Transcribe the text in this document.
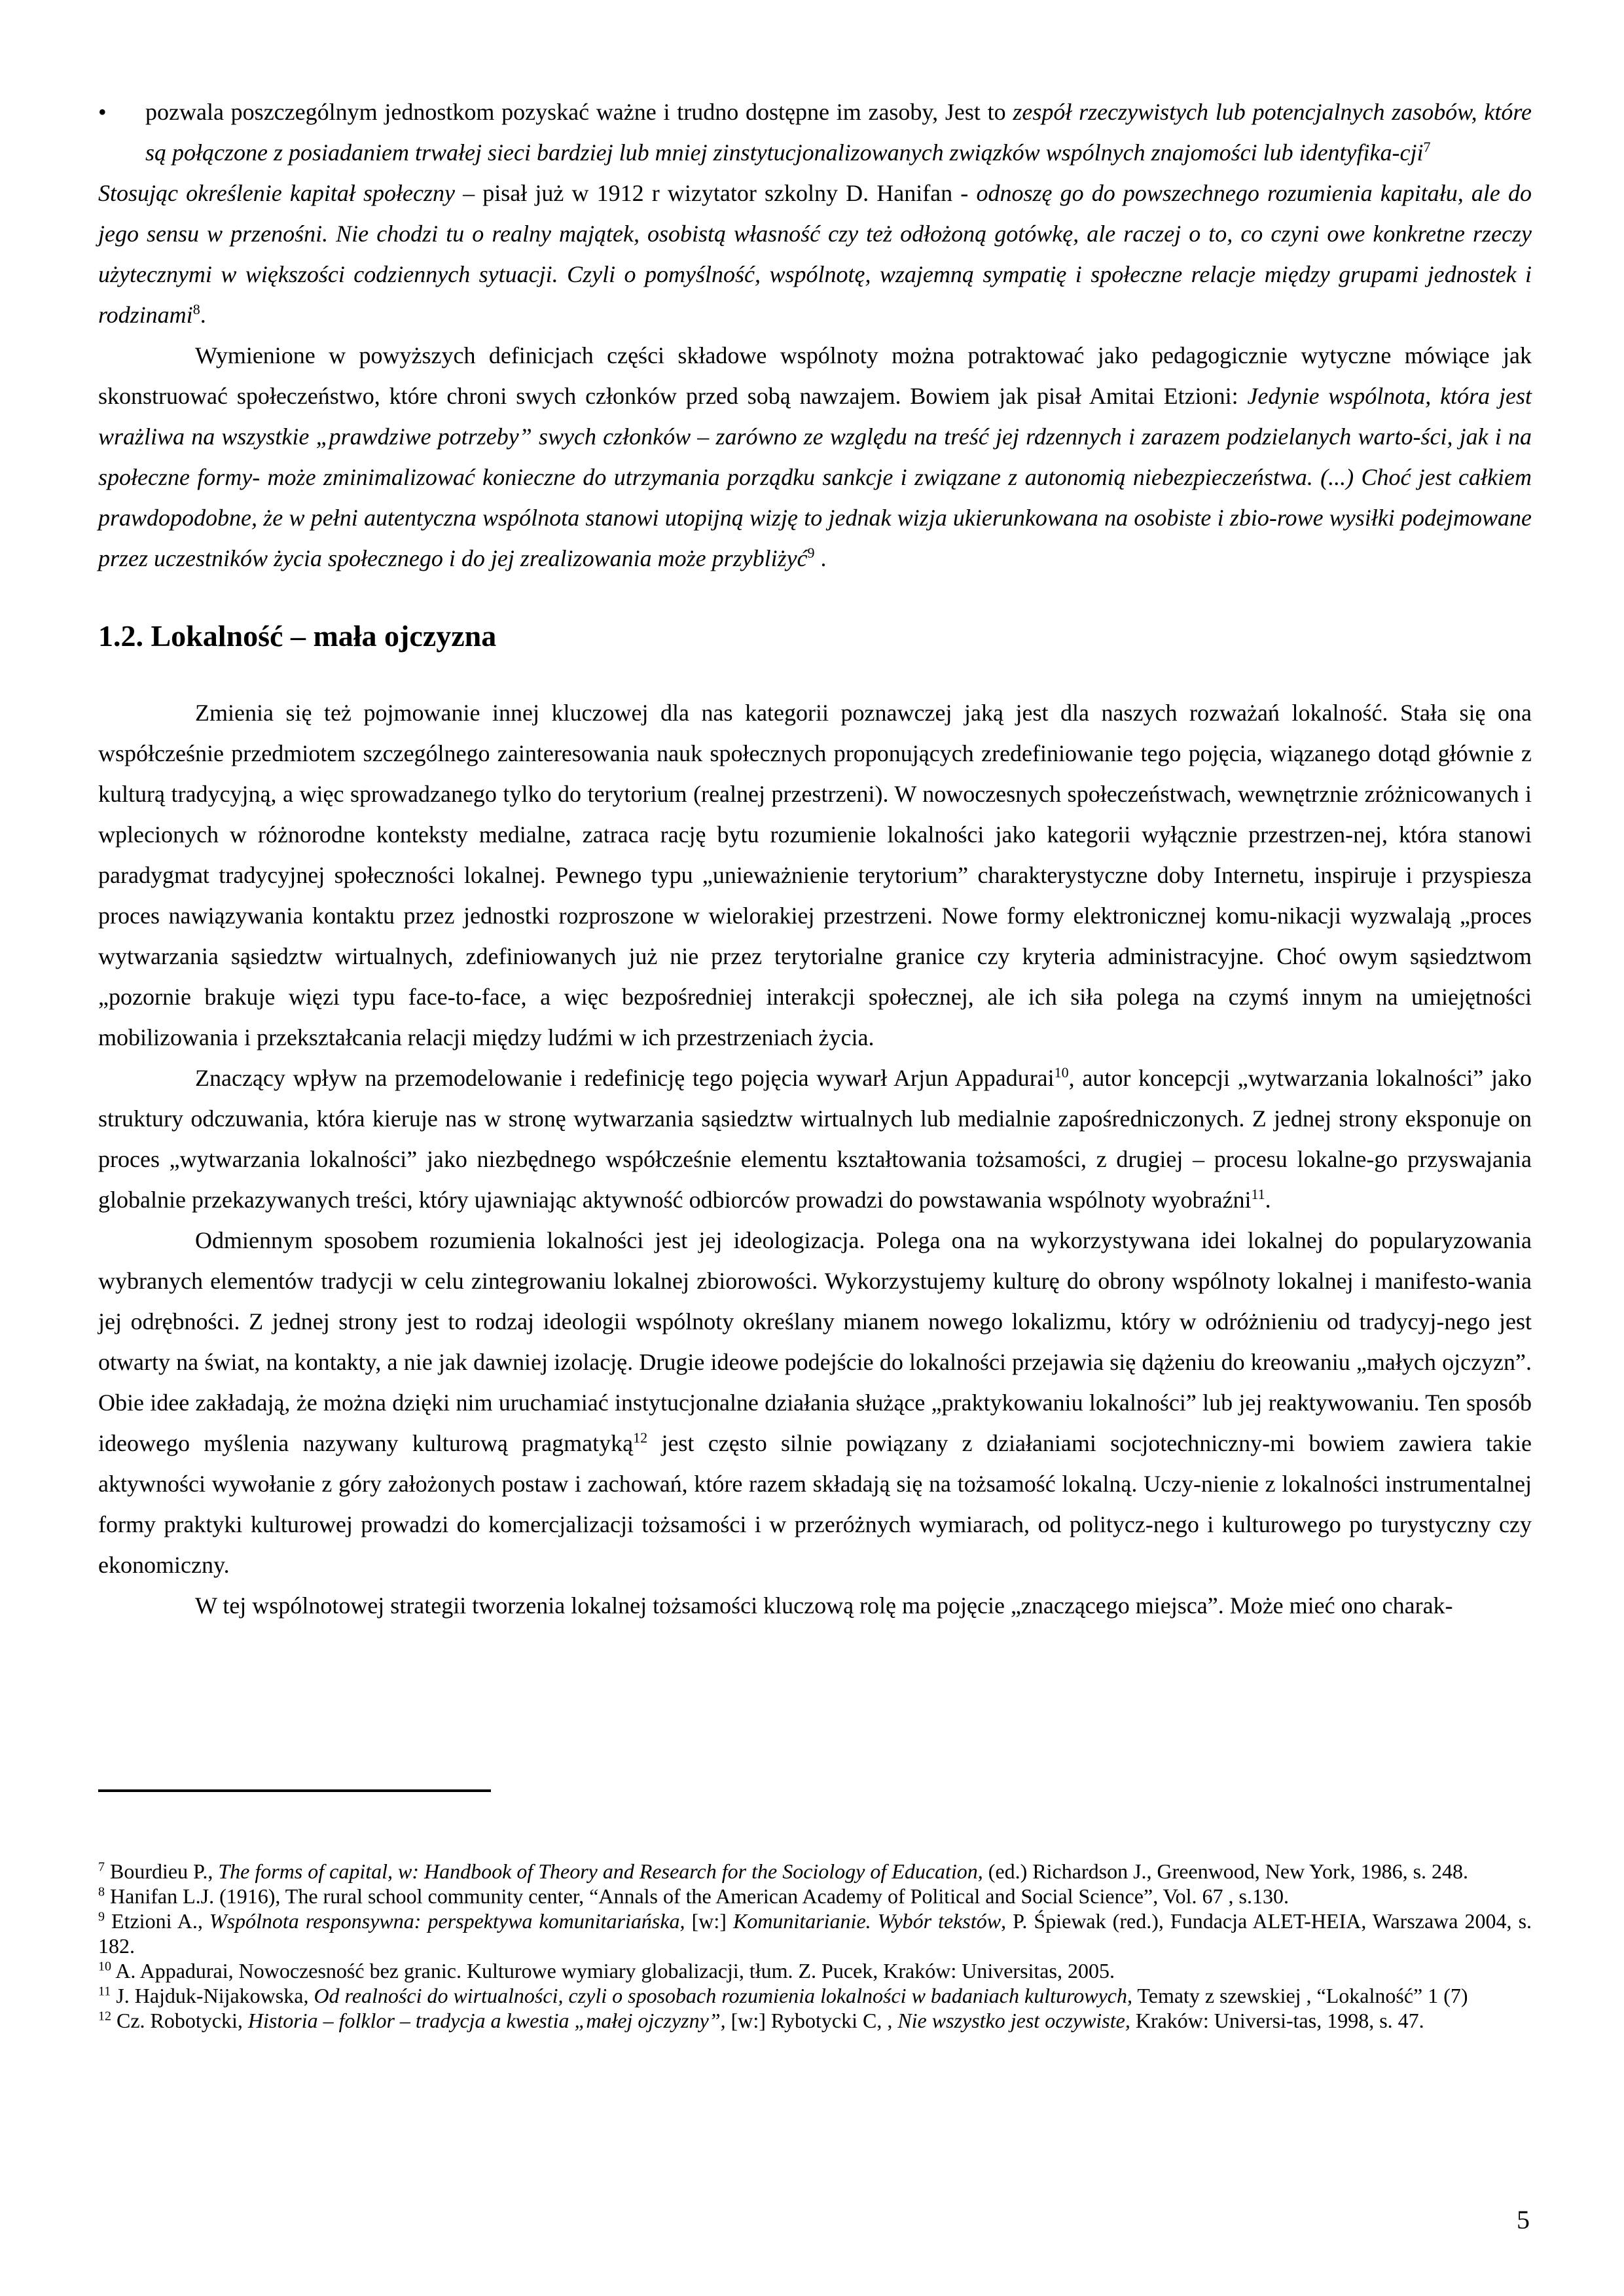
• pozwala poszczególnym jednostkom pozyskać ważne i trudno dostępne im zasoby, Jest to zespół rzeczywistych lub potencjalnych zasobów, które są połączone z posiadaniem trwałej sieci bardziej lub mniej zinstytucjonalizowanych związków wspólnych znajomości lub identyfika-cji$^7$

Stosując określenie kapitał społeczny – pisał już w 1912 r wizytator szkolny D. Hanifan - odnoszę go do powszechnego rozumienia kapitału, ale do jego sensu w przenośni. Nie chodzi tu o realny majątek, osobistą własność czy też odłożoną gotówkę, ale raczej o to, co czyni owe konkretne rzeczy użytecznymi w większości codziennych sytuacji. Czyli o pomyślność, wspólnotę, wzajemną sympatię i społeczne relacje między grupami jednostek i rodzinami$^8$.

Wymienione w powyższych definicjach części składowe wspólnoty można potraktować jako pedagogicznie wytyczne mówiące jak skonstruować społeczeństwo, które chroni swych członków przed sobą nawzajem. Bowiem jak pisał Amitai Etzioni: Jedynie wspólnota, która jest wrażliwa na wszystkie „prawdziwe potrzeby” swych członków – zarówno ze względu na treść jej rdzennych i zarazem podzielanych warto-ści, jak i na społeczne formy- może zminimalizować konieczne do utrzymania porządku sankcje i związane z autonomią niebezpieczeństwa. (...) Choć jest całkiem prawdopodobne, że w pełni autentyczna wspólnota stanowi utopijną wizję to jednak wizja ukierunkowana na osobiste i zbio-rowe wysiłki podejmowane przez uczestników życia społecznego i do jej zrealizowania może przybliżyć$^9$ .

1.2. Lokalność – mała ojczyzna

Zmienia się też pojmowanie innej kluczowej dla nas kategorii poznawczej jaką jest dla naszych rozważań lokalność. Stała się ona współcześnie przedmiotem szczególnego zainteresowania nauk społecznych proponujących zredefiniowanie tego pojęcia, wiązanego dotąd głównie z kulturą tradycyjną, a więc sprowadzanego tylko do terytorium (realnej przestrzeni). W nowoczesnych społeczeństwach, wewnętrznie zróżnicowanych i wplecionych w różnorodne konteksty medialne, zatraca rację bytu rozumienie lokalności jako kategorii wyłącznie przestrzen-nej, która stanowi paradygmat tradycyjnej społeczności lokalnej. Pewnego typu „unieważnienie terytorium” charakterystyczne doby Internetu, inspiruje i przyspiesza proces nawiązywania kontaktu przez jednostki rozproszone w wielorakiej przestrzeni. Nowe formy elektronicznej komu-nikacji wyzwalają „proces wytwarzania sąsiedztw wirtualnych, zdefiniowanych już nie przez terytorialne granice czy kryteria administracyjne. Choć owym sąsiedztwom „pozornie brakuje więzi typu face-to-face, a więc bezpośredniej interakcji społecznej, ale ich siła polega na czymś innym na umiejętności mobilizowania i przekształcania relacji między ludźmi w ich przestrzeniach życia.

Znaczący wpływ na przemodelowanie i redefinicję tego pojęcia wywarł Arjun Appadurai$^{10}$, autor koncepcji „wytwarzania lokalności” jako struktury odczuwania, która kieruje nas w stronę wytwarzania sąsiedztw wirtualnych lub medialnie zapośredniczonych. Z jednej strony eksponuje on proces „wytwarzania lokalności” jako niezbędnego współcześnie elementu kształtowania tożsamości, z drugiej – procesu lokalne-go przyswajania globalnie przekazywanych treści, który ujawniając aktywność odbiorców prowadzi do powstawania wspólnoty wyobraźni$^{11}$.

Odmiennym sposobem rozumienia lokalności jest jej ideologizacja. Polega ona na wykorzystywana idei lokalnej do popularyzowania wybranych elementów tradycji w celu zintegrowaniu lokalnej zbiorowości. Wykorzystujemy kulturę do obrony wspólnoty lokalnej i manifesto-wania jej odrębności. Z jednej strony jest to rodzaj ideologii wspólnoty określany mianem nowego lokalizmu, który w odróżnieniu od tradycyj-nego jest otwarty na świat, na kontakty, a nie jak dawniej izolację. Drugie ideowe podejście do lokalności przejawia się dążeniu do kreowaniu „małych ojczyzn”. Obie idee zakładają, że można dzięki nim uruchamiać instytucjonalne działania służące „praktykowaniu lokalności” lub jej reaktywowaniu. Ten sposób ideowego myślenia nazywany kulturową pragmatyką$^{12}$ jest często silnie powiązany z działaniami socjotechniczny-mi bowiem zawiera takie aktywności wywołanie z góry założonych postaw i zachowań, które razem składają się na tożsamość lokalną. Uczy-nienie z lokalności instrumentalnej formy praktyki kulturowej prowadzi do komercjalizacji tożsamości i w przeróżnych wymiarach, od politycz-nego i kulturowego po turystyczny czy ekonomiczny.

W tej wspólnotowej strategii tworzenia lokalnej tożsamości kluczową rolę ma pojęcie „znaczącego miejsca”. Może mieć ono charak-

$^7$ Bourdieu P., The forms of capital, w: Handbook of Theory and Research for the Sociology of Education, (ed.) Richardson J., Greenwood, New York, 1986, s. 248.

$^8$ Hanifan L.J. (1916), The rural school community center, “Annals of the American Academy of Political and Social Science”, Vol. 67 , s.130.

$^9$ Etzioni A., Wspólnota responsywna: perspektywa komunitariańska, [w:] Komunitarianie. Wybór tekstów, P. Śpiewak (red.), Fundacja ALET-HEIA, Warszawa 2004, s. 182.

$^{10}$ A. Appadurai, Nowoczesność bez granic. Kulturowe wymiary globalizacji, tłum. Z. Pucek, Kraków: Universitas, 2005.

$^{11}$ J. Hajduk-Nijakowska, Od realności do wirtualności, czyli o sposobach rozumienia lokalności w badaniach kulturowych, Tematy z szewskiej , “Lokalność” 1 (7)

$^{12}$ Cz. Robotycki, Historia – folklor – tradycja a kwestia „małej ojczyzny”, [w:] Rybotycki C, , Nie wszystko jest oczywiste, Kraków: Universi-tas, 1998, s. 47.

5
